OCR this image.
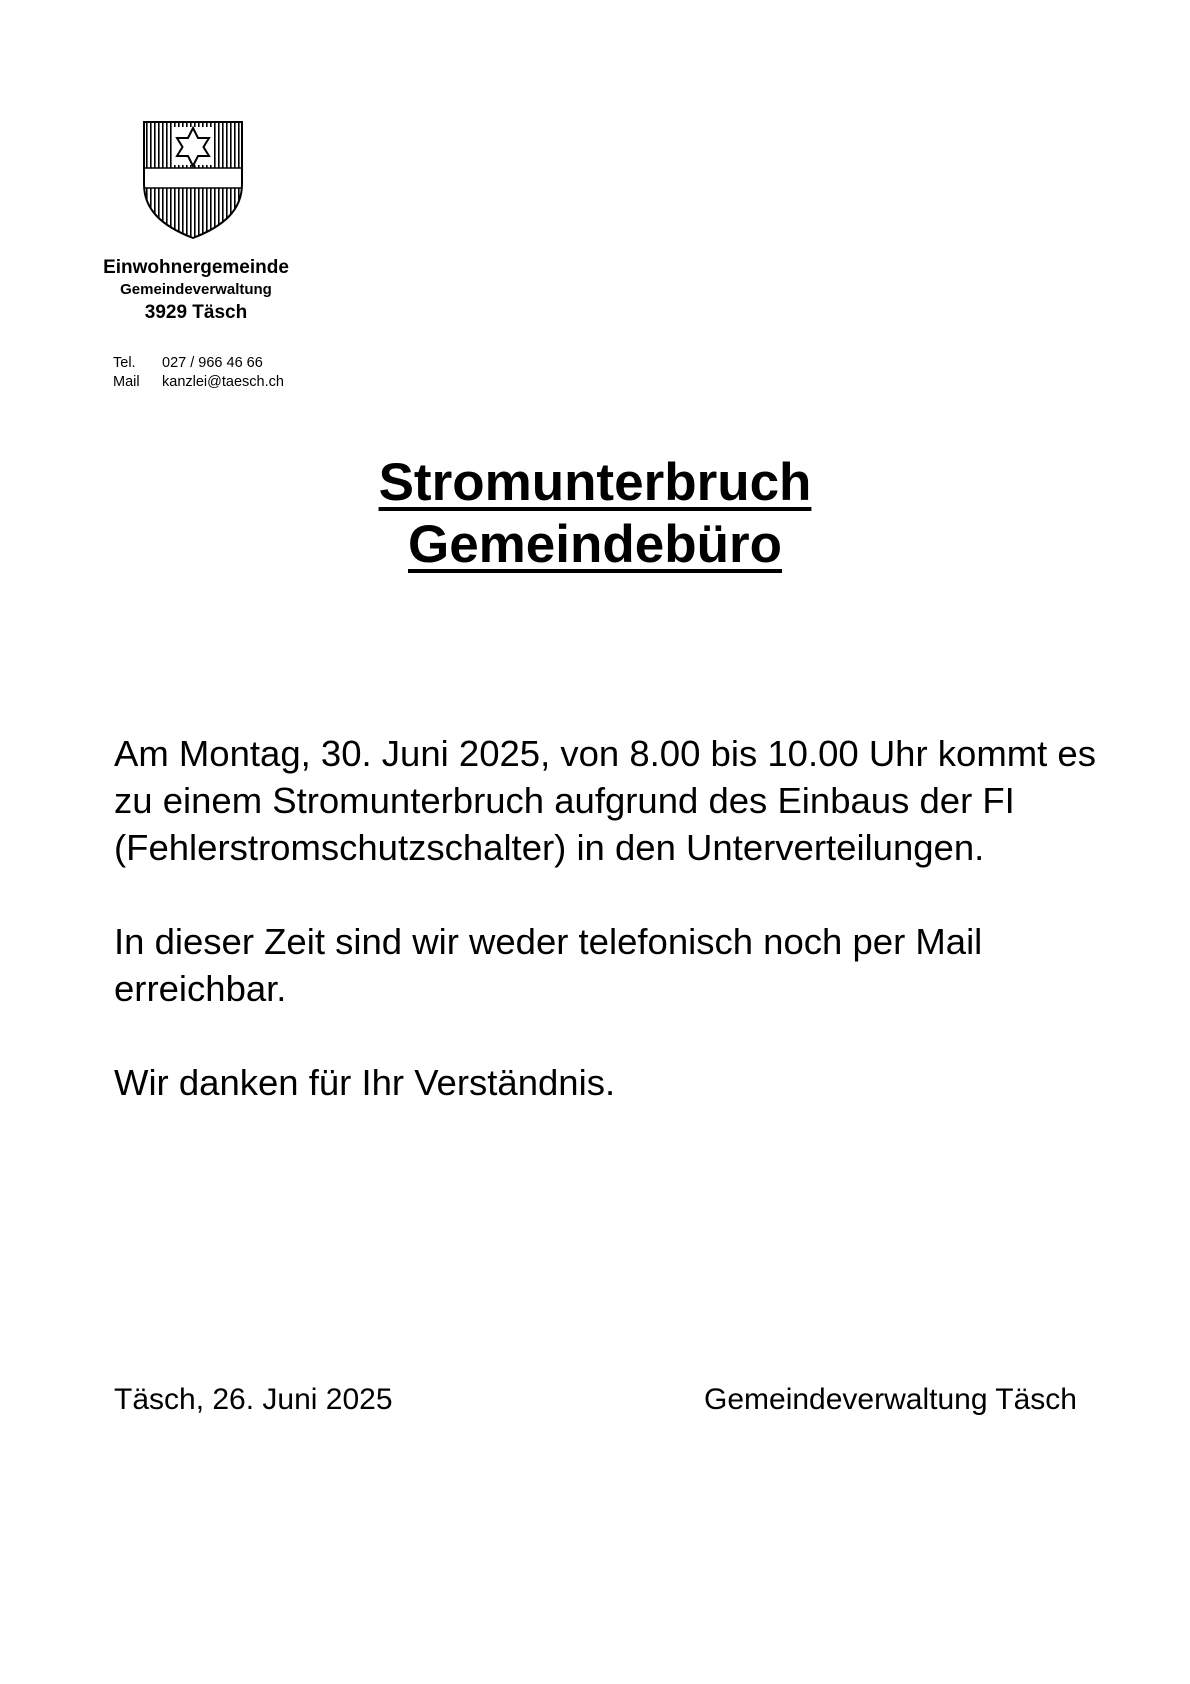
Einwohnergemeinde
Gemeindeverwaltung
3929 Täsch
Tel.	027 / 966 46 66
Mail	kanzlei@taesch.ch
Stromunterbruch
Gemeindebüro

Am Montag, 30. Juni 2025, von 8.00 bis 10.00 Uhr kommt es zu einem Stromunterbruch aufgrund des Einbaus der FI (Fehlerstromschutzschalter) in den Unterverteilungen.

In dieser Zeit sind wir weder telefonisch noch per Mail erreichbar.

Wir danken für Ihr Verständnis.

Täsch, 26. Juni 2025	Gemeindeverwaltung Täsch
